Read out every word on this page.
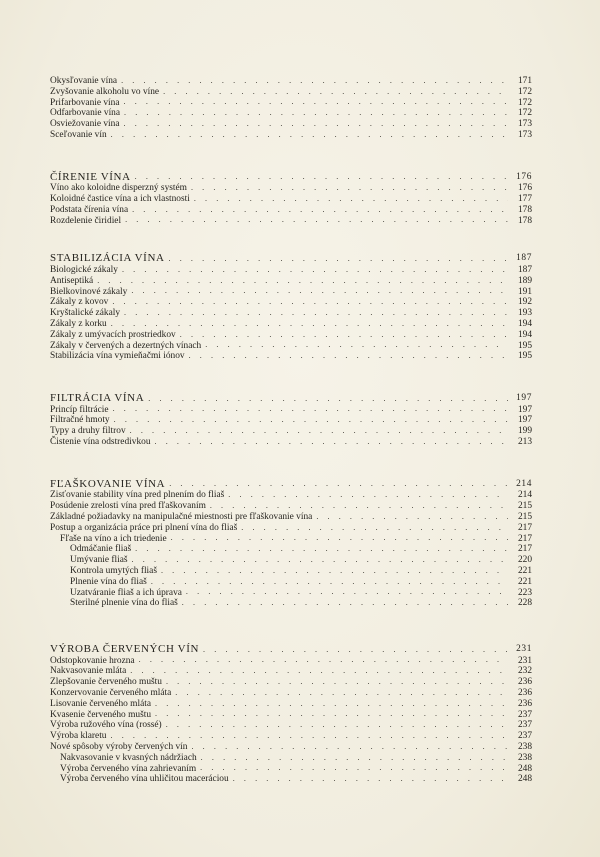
Okysľovanie vína . . .	171
Zvyšovanie alkoholu vo víne . . .	172
Prifarbovanie vína . . .	172
Odfarbovanie vína . . .	172
Osviežovanie vína . . .	173
Sceľovanie vín . . .	173
ČÍRENIE VÍNA . . .	176
Víno ako koloidne disperzný systém . . .	176
Koloidné častice vína a ich vlastnosti . . .	177
Podstata čírenia vína . . .	178
Rozdelenie čiridiel . . .	178
STABILIZÁCIA VÍNA . . .	187
Biologické zákaly . . .	187
Antiseptiká . . .	189
Bielkovinové zákaly . . .	191
Zákaly z kovov . . .	192
Kryštalické zákaly . . .	193
Zákaly z korku . . .	194
Zákaly z umývacích prostriedkov . . .	194
Zákaly v červených a dezertných vínach . . .	195
Stabilizácia vína vymieňačmi iónov . . .	195
FILTRÁCIA VÍNA . . .	197
Princíp filtrácie . . .	197
Filtračné hmoty . . .	197
Typy a druhy filtrov . . .	199
Čistenie vína odstredivkou . . .	213
FĽAŠKOVANIE VÍNA . . .	214
Zisťovanie stability vína pred plnením do fliaš . . .	214
Posúdenie zrelosti vína pred fľaškovaním . . .	215
Základné požiadavky na manipulačné miestnosti pre fľaškovanie vína . . .	215
Postup a organizácia práce pri plnení vína do fliaš . . .	217
Fľaše na víno a ich triedenie . . .	217
Odmáčanie fliaš . . .	217
Umývanie fliaš . . .	220
Kontrola umytých fliaš . . .	221
Plnenie vína do fliaš . . .	221
Uzatváranie fliaš a ich úprava . . .	223
Sterilné plnenie vína do fliaš . . .	228
VÝROBA ČERVENÝCH VÍN . . .	231
Odstopkovanie hrozna . . .	231
Nakvasovanie mláta . . .	232
Zlepšovanie červeného muštu . . .	236
Konzervovanie červeného mláta . . .	236
Lisovanie červeného mláta . . .	236
Kvasenie červeného muštu . . .	237
Výroba ružového vína (rossé) . . .	237
Výroba klaretu . . .	237
Nové spôsoby výroby červených vín . . .	238
Nakvasovanie v kvasných nádržiach . . .	238
Výroba červeného vína zahrievaním . . .	248
Výroba červeného vína uhličitou maceráciou . . .	248
